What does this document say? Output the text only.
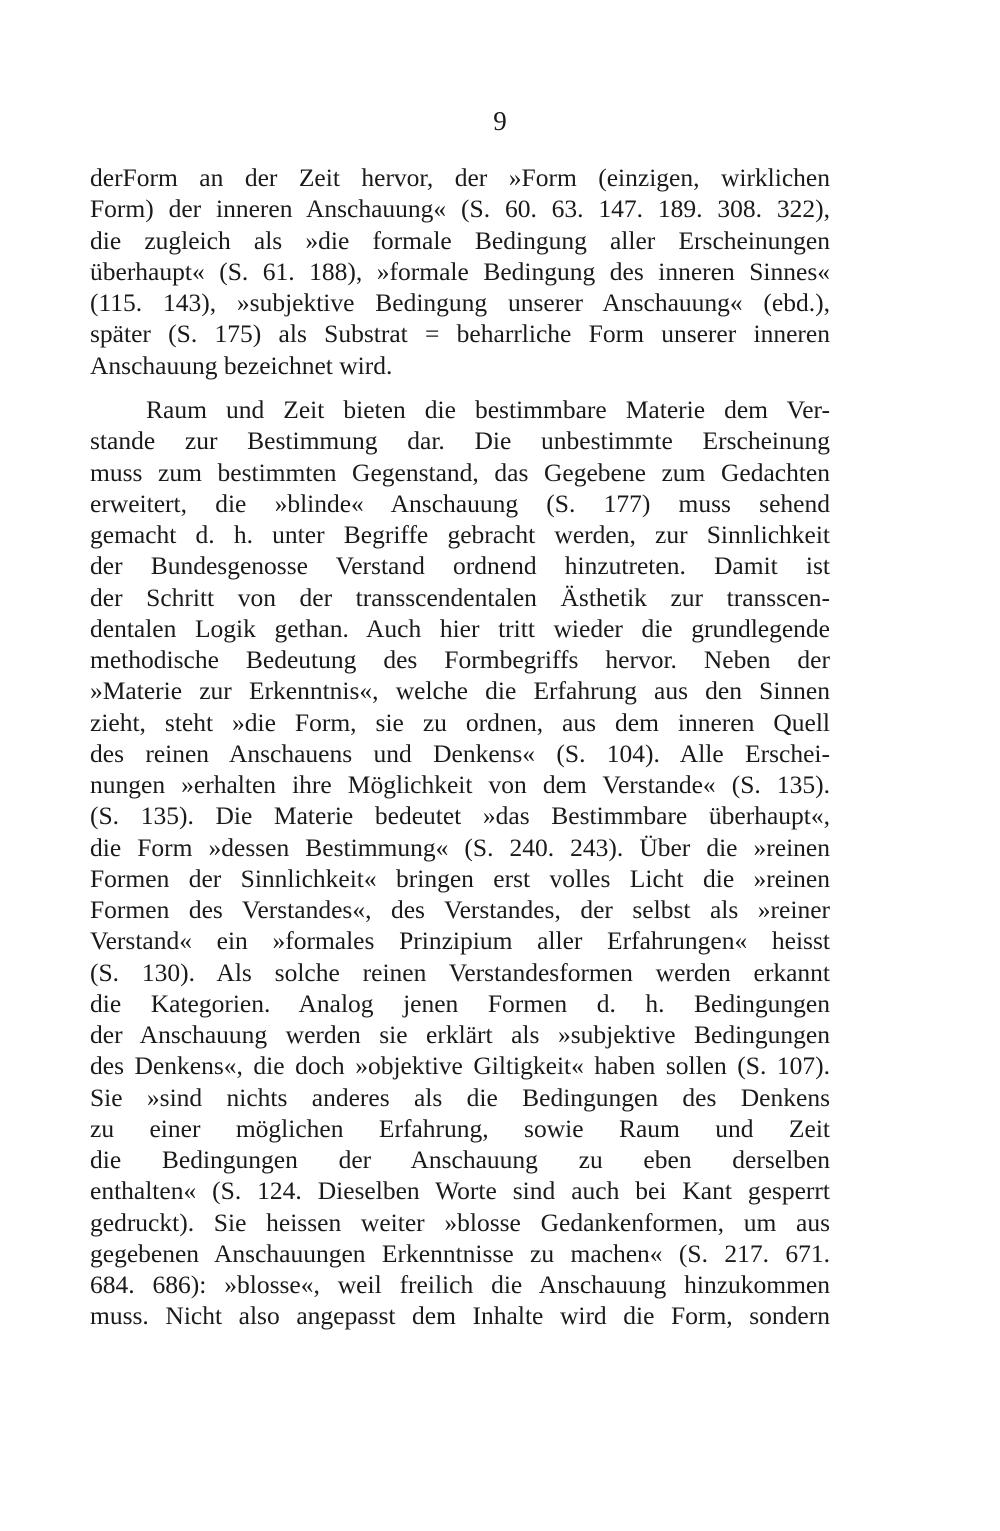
9
derForm an der Zeit hervor, der »Form (einzigen, wirklichen
Form) der inneren Anschauung« (S. 60. 63. 147. 189. 308. 322),
die zugleich als »die formale Bedingung aller Erscheinungen
überhaupt« (S. 61. 188), »formale Bedingung des inneren Sinnes«
(115. 143), »subjektive Bedingung unserer Anschauung« (ebd.),
später (S. 175) als Substrat = beharrliche Form unserer inneren
Anschauung bezeichnet wird.
Raum und Zeit bieten die bestimmbare Materie dem Ver-
stande zur Bestimmung dar. Die unbestimmte Erscheinung
muss zum bestimmten Gegenstand, das Gegebene zum Gedachten
erweitert, die »blinde« Anschauung (S. 177) muss sehend
gemacht d. h. unter Begriffe gebracht werden, zur Sinnlichkeit
der Bundesgenosse Verstand ordnend hinzutreten. Damit ist
der Schritt von der transscendentalen Ästhetik zur transscen-
dentalen Logik gethan. Auch hier tritt wieder die grundlegende
methodische Bedeutung des Formbegriffs hervor. Neben der
»Materie zur Erkenntnis«, welche die Erfahrung aus den Sinnen
zieht, steht »die Form, sie zu ordnen, aus dem inneren Quell
des reinen Anschauens und Denkens« (S. 104). Alle Erschei-
nungen »erhalten ihre Möglichkeit von dem Verstande« (S. 135).
(S. 135). Die Materie bedeutet »das Bestimmbare überhaupt«,
die Form »dessen Bestimmung« (S. 240. 243). Über die »reinen
Formen der Sinnlichkeit« bringen erst volles Licht die »reinen
Formen des Verstandes«, des Verstandes, der selbst als »reiner
Verstand« ein »formales Prinzipium aller Erfahrungen« heisst
(S. 130). Als solche reinen Verstandesformen werden erkannt
die Kategorien. Analog jenen Formen d. h. Bedingungen
der Anschauung werden sie erklärt als »subjektive Bedingungen
des Denkens«, die doch »objektive Giltigkeit« haben sollen (S. 107).
Sie »sind nichts anderes als die Bedingungen des Denkens
zu einer möglichen Erfahrung, sowie Raum und Zeit
die Bedingungen der Anschauung zu eben derselben
enthalten« (S. 124. Dieselben Worte sind auch bei Kant gesperrt
gedruckt). Sie heissen weiter »blosse Gedankenformen, um aus
gegebenen Anschauungen Erkenntnisse zu machen« (S. 217. 671.
684. 686): »blosse«, weil freilich die Anschauung hinzukommen
muss. Nicht also angepasst dem Inhalte wird die Form, sondern
